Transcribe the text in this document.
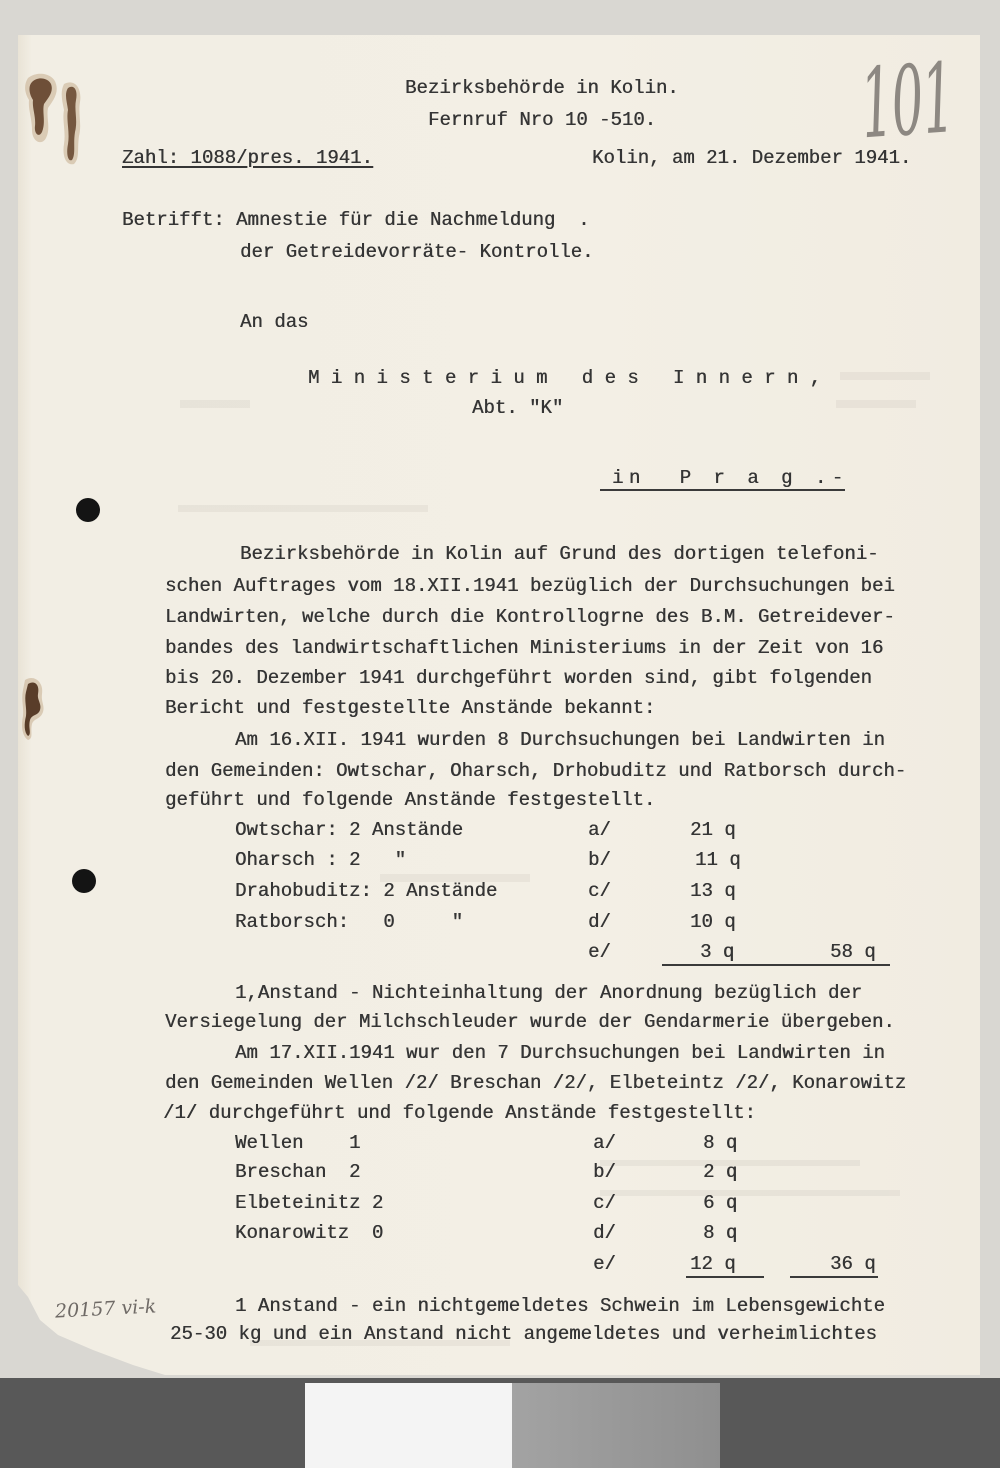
101
Bezirksbehörde in Kolin.
Fernruf Nro 10 -510.
Zahl: 1088/pres. 1941.	Kolin, am 21. Dezember 1941.
Betrifft: Amnestie für die Nachmeldung  .
der Getreidevorräte- Kontrolle.
An das
M i n i s t e r i u m   d e s   I n n e r n ,
Abt. "K"
in  P r a g .-
Bezirksbehörde in Kolin auf Grund des dortigen telefoni-
schen Auftrages vom 18.XII.1941 bezüglich der Durchsuchungen bei
Landwirten, welche durch die Kontrollogrne des B.M. Getreidever-
bandes des landwirtschaftlichen Ministeriums in der Zeit von 16
bis 20. Dezember 1941 durchgeführt worden sind, gibt folgenden
Bericht und festgestellte Anstände bekannt:
Am 16.XII. 1941 wurden 8 Durchsuchungen bei Landwirten in
den Gemeinden: Owtschar, Oharsch, Drhobuditz und Ratborsch durch-
geführt und folgende Anstände festgestellt.
Owtschar: 2 Anstände	a/	21 q
Oharsch : 2   "	b/	11 q
Drahobuditz: 2 Anstände	c/	13 q
Ratborsch:   0     "	d/	10 q
e/	3 q	58 q
1,Anstand - Nichteinhaltung der Anordnung bezüglich der
Versiegelung der Milchschleuder wurde der Gendarmerie übergeben.
Am 17.XII.1941 wur den 7 Durchsuchungen bei Landwirten in
den Gemeinden Wellen /2/ Breschan /2/, Elbeteintz /2/, Konarowitz
/1/ durchgeführt und folgende Anstände festgestellt:
Wellen    1	a/	8 q
Breschan  2	b/	2 q
Elbeteinitz 2	c/	6 q
Konarowitz  0	d/	8 q
e/	12 q	36 q
1 Anstand - ein nichtgemeldetes Schwein im Lebensgewichte
25-30 kg und ein Anstand nicht angemeldetes und verheimlichtes
20157 vi-k
